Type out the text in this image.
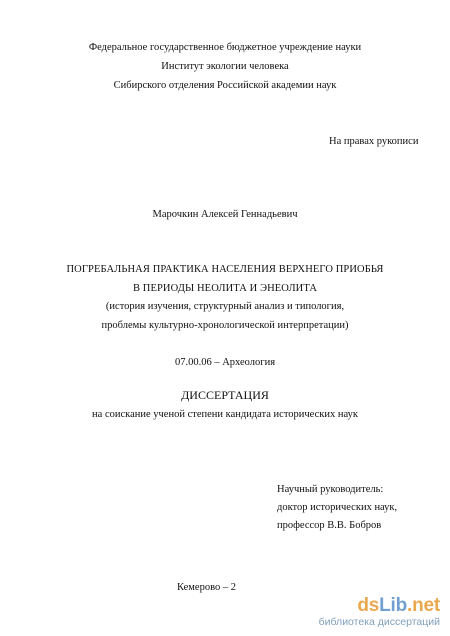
Федеральное государственное бюджетное учреждение науки
Институт экологии человека
Сибирского отделения Российской академии наук
На правах рукописи
Марочкин Алексей Геннадьевич
ПОГРЕБАЛЬНАЯ ПРАКТИКА НАСЕЛЕНИЯ ВЕРХНЕГО ПРИОБЬЯ
В ПЕРИОДЫ НЕОЛИТА И ЭНЕОЛИТА
(история изучения, структурный анализ и типология,
проблемы культурно-хронологической интерпретации)
07.00.06 – Археология
ДИССЕРТАЦИЯ
на соискание ученой степени кандидата исторических наук
Научный руководитель:
доктор исторических наук,
профессор В.В. Бобров
Кемерово – 2
dsLib.net
библиотека диссертаций
